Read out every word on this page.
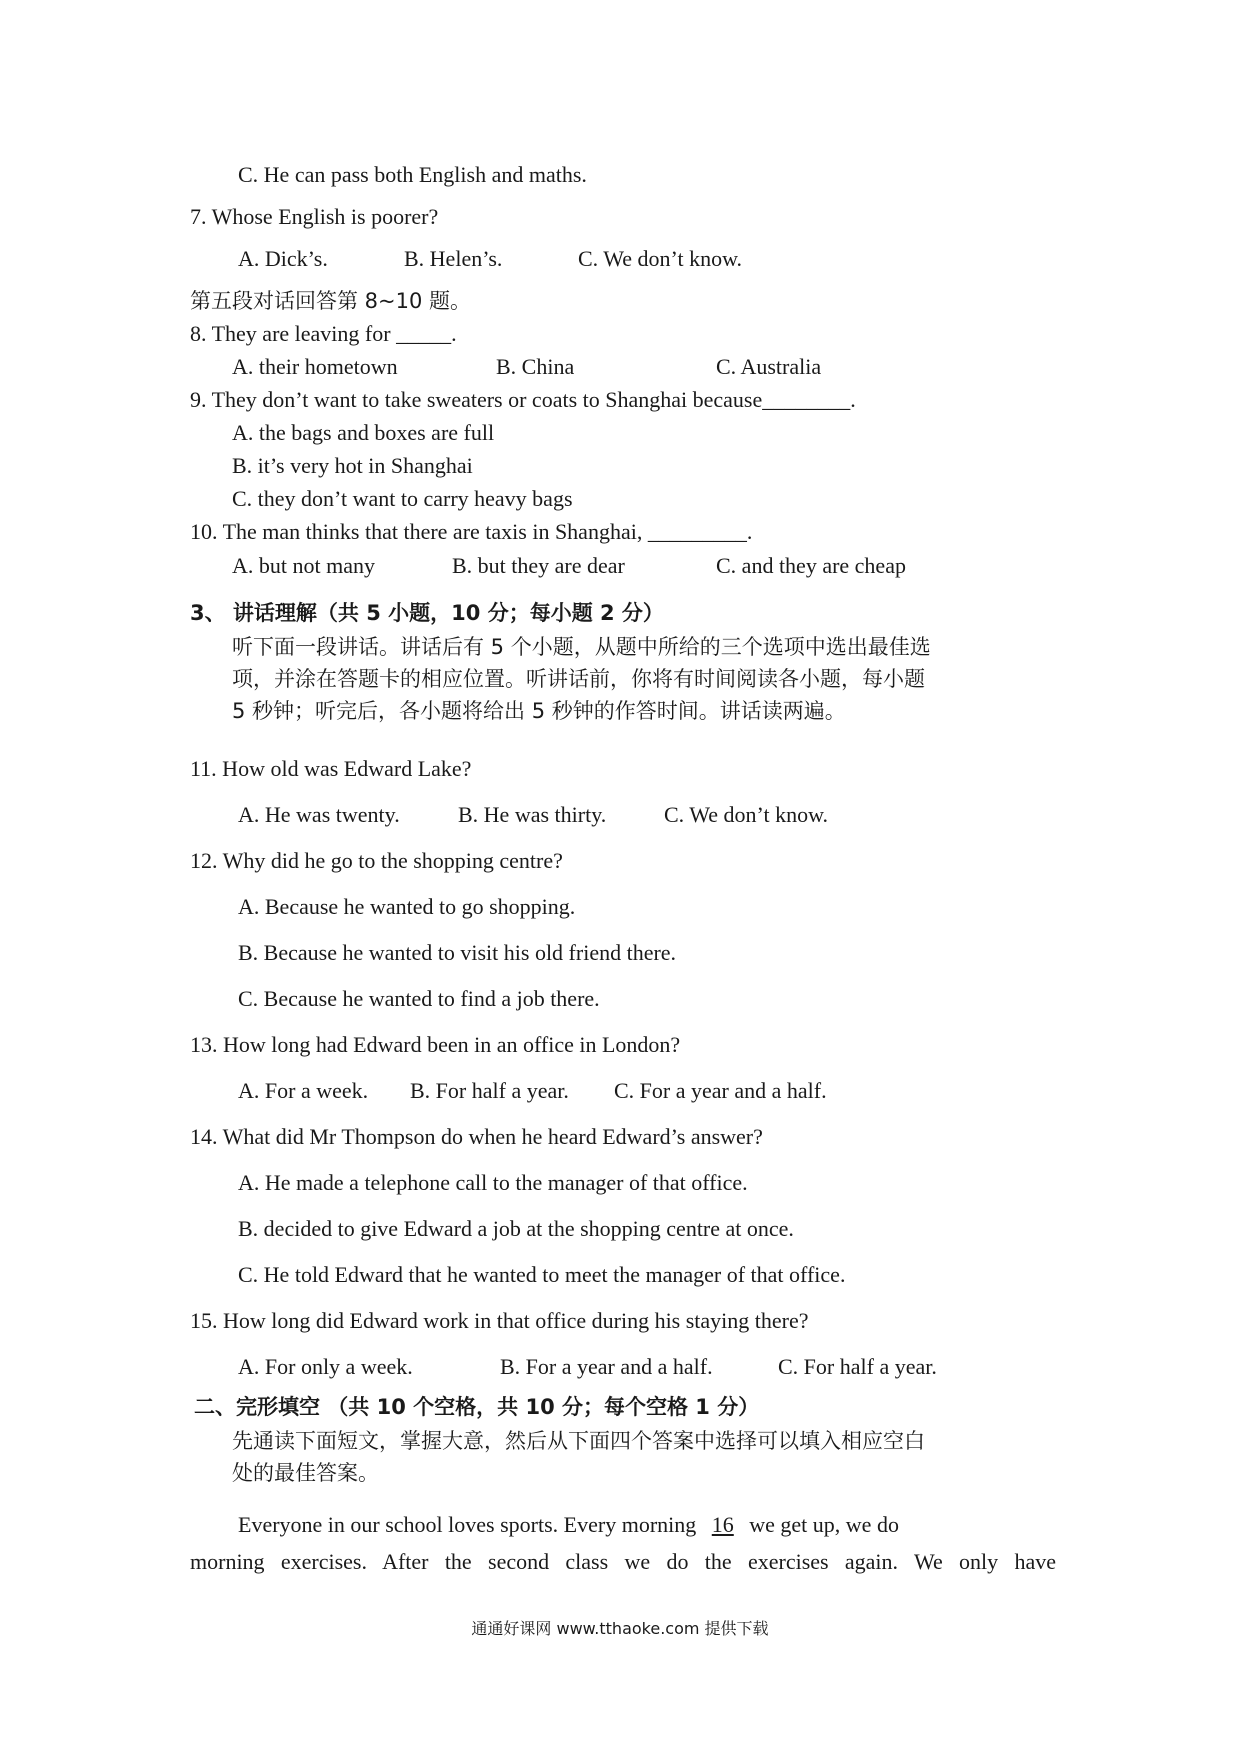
C. He can pass both English and maths.
7. Whose English is poorer?
A. Dick’s.	B. Helen’s.	C. We don’t know.
第五段对话回答第 8~10 题。
8. They are leaving for _____.
A. their hometown	B. China	C. Australia
9. They don’t want to take sweaters or coats to Shanghai because________.
A. the bags and boxes are full
B. it’s very hot in Shanghai
C. they don’t want to carry heavy bags
10. The man thinks that there are taxis in Shanghai, _________.
A. but not many	B. but they are dear	C. and they are cheap
3、 讲话理解（共 5 小题，10 分；每小题 2 分）
听下面一段讲话。讲话后有 5 个小题，从题中所给的三个选项中选出最佳选
项，并涂在答题卡的相应位置。听讲话前，你将有时间阅读各小题，每小题
5 秒钟；听完后，各小题将给出 5 秒钟的作答时间。讲话读两遍。
11. How old was Edward Lake?
A. He was twenty.	B. He was thirty.	C. We don’t know.
12. Why did he go to the shopping centre?
A. Because he wanted to go shopping.
B. Because he wanted to visit his old friend there.
C. Because he wanted to find a job there.
13. How long had Edward been in an office in London?
A. For a week. B. For half a year. C. For a year and a half.
14. What did Mr Thompson do when he heard Edward’s answer?
A. He made a telephone call to the manager of that office.
B. decided to give Edward a job at the shopping centre at once.
C. He told Edward that he wanted to meet the manager of that office.
15. How long did Edward work in that office during his staying there?
A. For only a week.	B. For a year and a half.	C. For half a year.
二、完形填空 （共 10 个空格，共 10 分；每个空格 1 分）
先通读下面短文，掌握大意，然后从下面四个答案中选择可以填入相应空白
处的最佳答案。
Everyone in our school loves sports. Every morning 16 we get up, we do
morning exercises. After the second class we do the exercises again. We only have
通通好课网 www.tthaoke.com 提供下载
